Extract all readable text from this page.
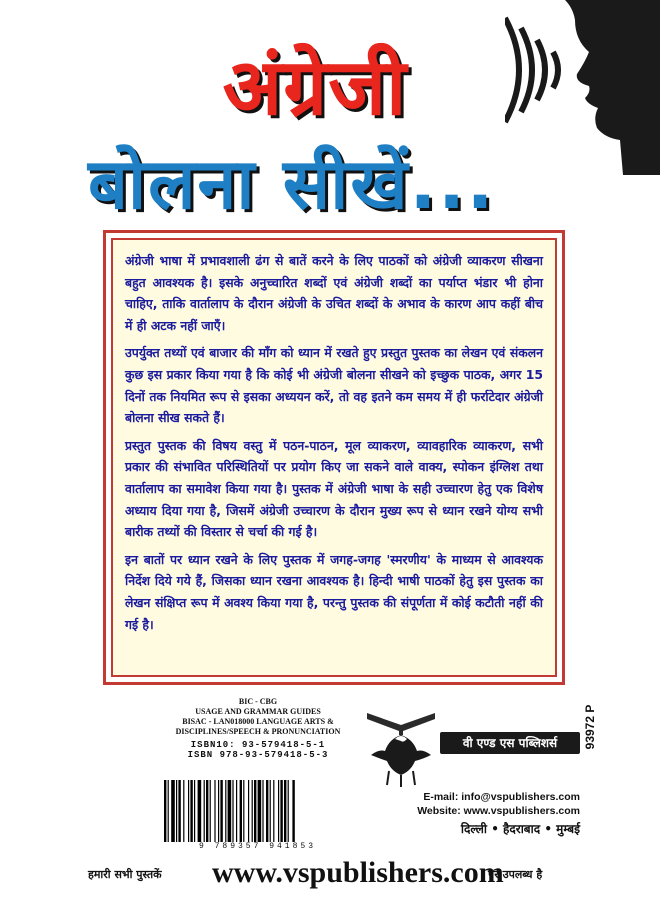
अंग्रेजी
बोलना सीखें...

अंग्रेजी भाषा में प्रभावशाली ढंग से बातें करने के लिए पाठकों को अंग्रेजी व्याकरण सीखना बहुत आवश्यक है। इसके अनुच्चारित शब्दों एवं अंग्रेजी शब्दों का पर्याप्त भंडार भी होना चाहिए, ताकि वार्तालाप के दौरान अंग्रेजी के उचित शब्दों के अभाव के कारण आप कहीं बीच में ही अटक नहीं जाएँ।

उपर्युक्त तथ्यों एवं बाजार की माँग को ध्यान में रखते हुए प्रस्तुत पुस्तक का लेखन एवं संकलन कुछ इस प्रकार किया गया है कि कोई भी अंग्रेजी बोलना सीखने को इच्छुक पाठक, अगर 15 दिनों तक नियमित रूप से इसका अध्ययन करें, तो वह इतने कम समय में ही फर्राटेदार अंग्रेजी बोलना सीख सकते हैं।

प्रस्तुत पुस्तक की विषय वस्तु में पठन-पाठन, मूल व्याकरण, व्यावहारिक व्याकरण, सभी प्रकार की संभावित परिस्थितियों पर प्रयोग किए जा सकने वाले वाक्य, स्पोकन इंग्लिश तथा वार्तालाप का समावेश किया गया है। पुस्तक में अंग्रेजी भाषा के सही उच्चारण हेतु एक विशेष अध्याय दिया गया है, जिसमें अंग्रेजी उच्चारण के दौरान मुख्य रूप से ध्यान रखने योग्य सभी बारीक तथ्यों की विस्तार से चर्चा की गई है।

इन बातों पर ध्यान रखने के लिए पुस्तक में जगह-जगह 'स्मरणीय' के माध्यम से आवश्यक निर्देश दिये गये हैं, जिसका ध्यान रखना आवश्यक है। हिन्दी भाषी पाठकों हेतु इस पुस्तक का लेखन संक्षिप्त रूप में अवश्य किया गया है, परन्तु पुस्तक की संपूर्णता में कोई कटौती नहीं की गई है।

93972 P
BIC - CBG
USAGE AND GRAMMAR GUIDES
BISAC - LAN018000 LANGUAGE ARTS &
DISCIPLINES/SPEECH & PRONUNCIATION
ISBN10: 93-579418-5-1
ISBN 978-93-579418-5-3
9 789357 941853
वी एण्ड एस पब्लिशर्स
E-mail: info@vspublishers.com
Website: www.vspublishers.com
दिल्ली • हैदराबाद • मुम्बई
हमारी सभी पुस्तकें www.vspublishers.com
पर उपलब्ध है
